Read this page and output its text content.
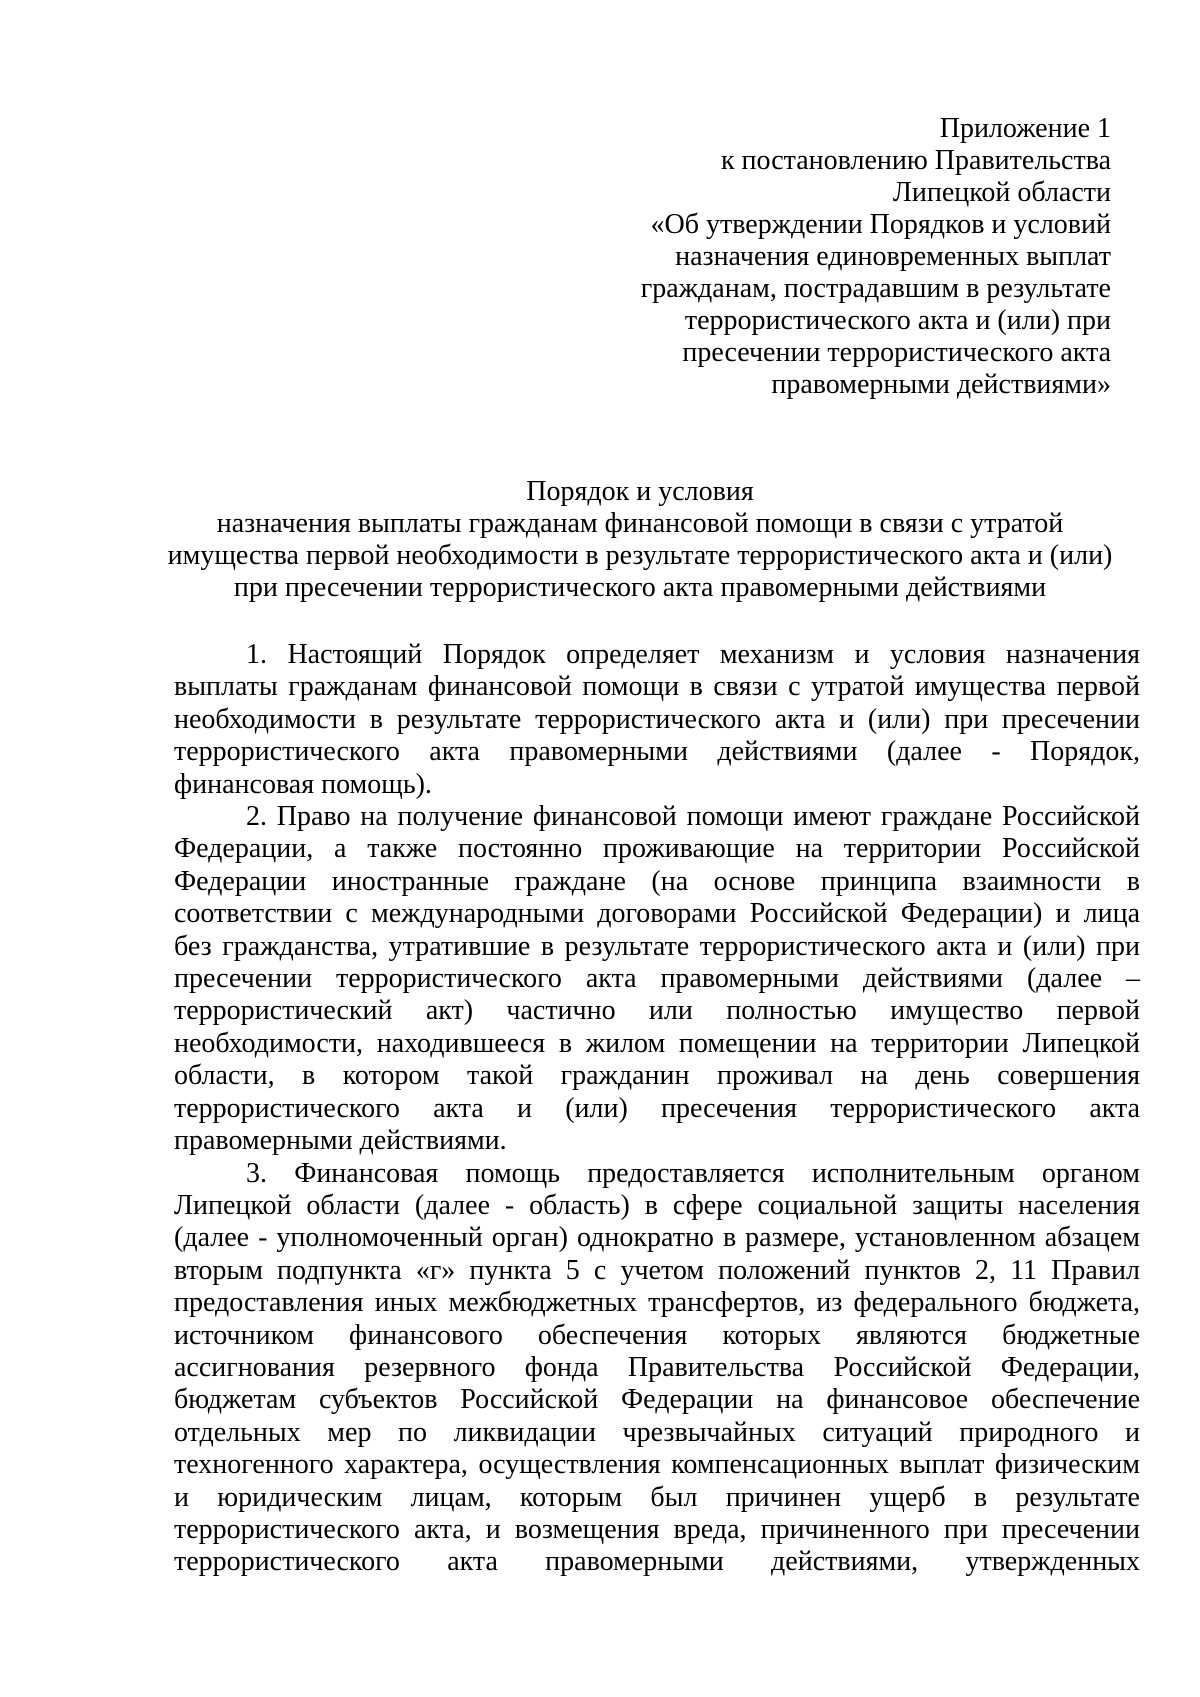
Приложение 1
к постановлению Правительства
Липецкой области
«Об утверждении Порядков и условий
назначения единовременных выплат
гражданам, пострадавшим в результате
террористического акта и (или) при
пресечении террористического акта
правомерными действиями»
Порядок и условия
назначения выплаты гражданам финансовой помощи в связи с утратой
имущества первой необходимости в результате террористического акта и (или)
при пресечении террористического акта правомерными действиями
1. Настоящий Порядок определяет механизм и условия назначения
выплаты гражданам финансовой помощи в связи с утратой имущества первой
необходимости в результате террористического акта и (или) при пресечении
террористического акта правомерными действиями (далее - Порядок,
финансовая помощь).
2. Право на получение финансовой помощи имеют граждане Российской
Федерации, а также постоянно проживающие на территории Российской
Федерации иностранные граждане (на основе принципа взаимности в
соответствии с международными договорами Российской Федерации) и лица
без гражданства, утратившие в результате террористического акта и (или) при
пресечении террористического акта правомерными действиями (далее –
террористический акт) частично или полностью имущество первой
необходимости, находившееся в жилом помещении на территории Липецкой
области, в котором такой гражданин проживал на день совершения
террористического акта и (или) пресечения террористического акта
правомерными действиями.
3. Финансовая помощь предоставляется исполнительным органом
Липецкой области (далее - область) в сфере социальной защиты населения
(далее - уполномоченный орган) однократно в размере, установленном абзацем
вторым подпункта «г» пункта 5 с учетом положений пунктов 2, 11 Правил
предоставления иных межбюджетных трансфертов, из федерального бюджета,
источником финансового обеспечения которых являются бюджетные
ассигнования резервного фонда Правительства Российской Федерации,
бюджетам субъектов Российской Федерации на финансовое обеспечение
отдельных мер по ликвидации чрезвычайных ситуаций природного и
техногенного характера, осуществления компенсационных выплат физическим
и юридическим лицам, которым был причинен ущерб в результате
террористического акта, и возмещения вреда, причиненного при пресечении
террористического акта правомерными действиями, утвержденных
